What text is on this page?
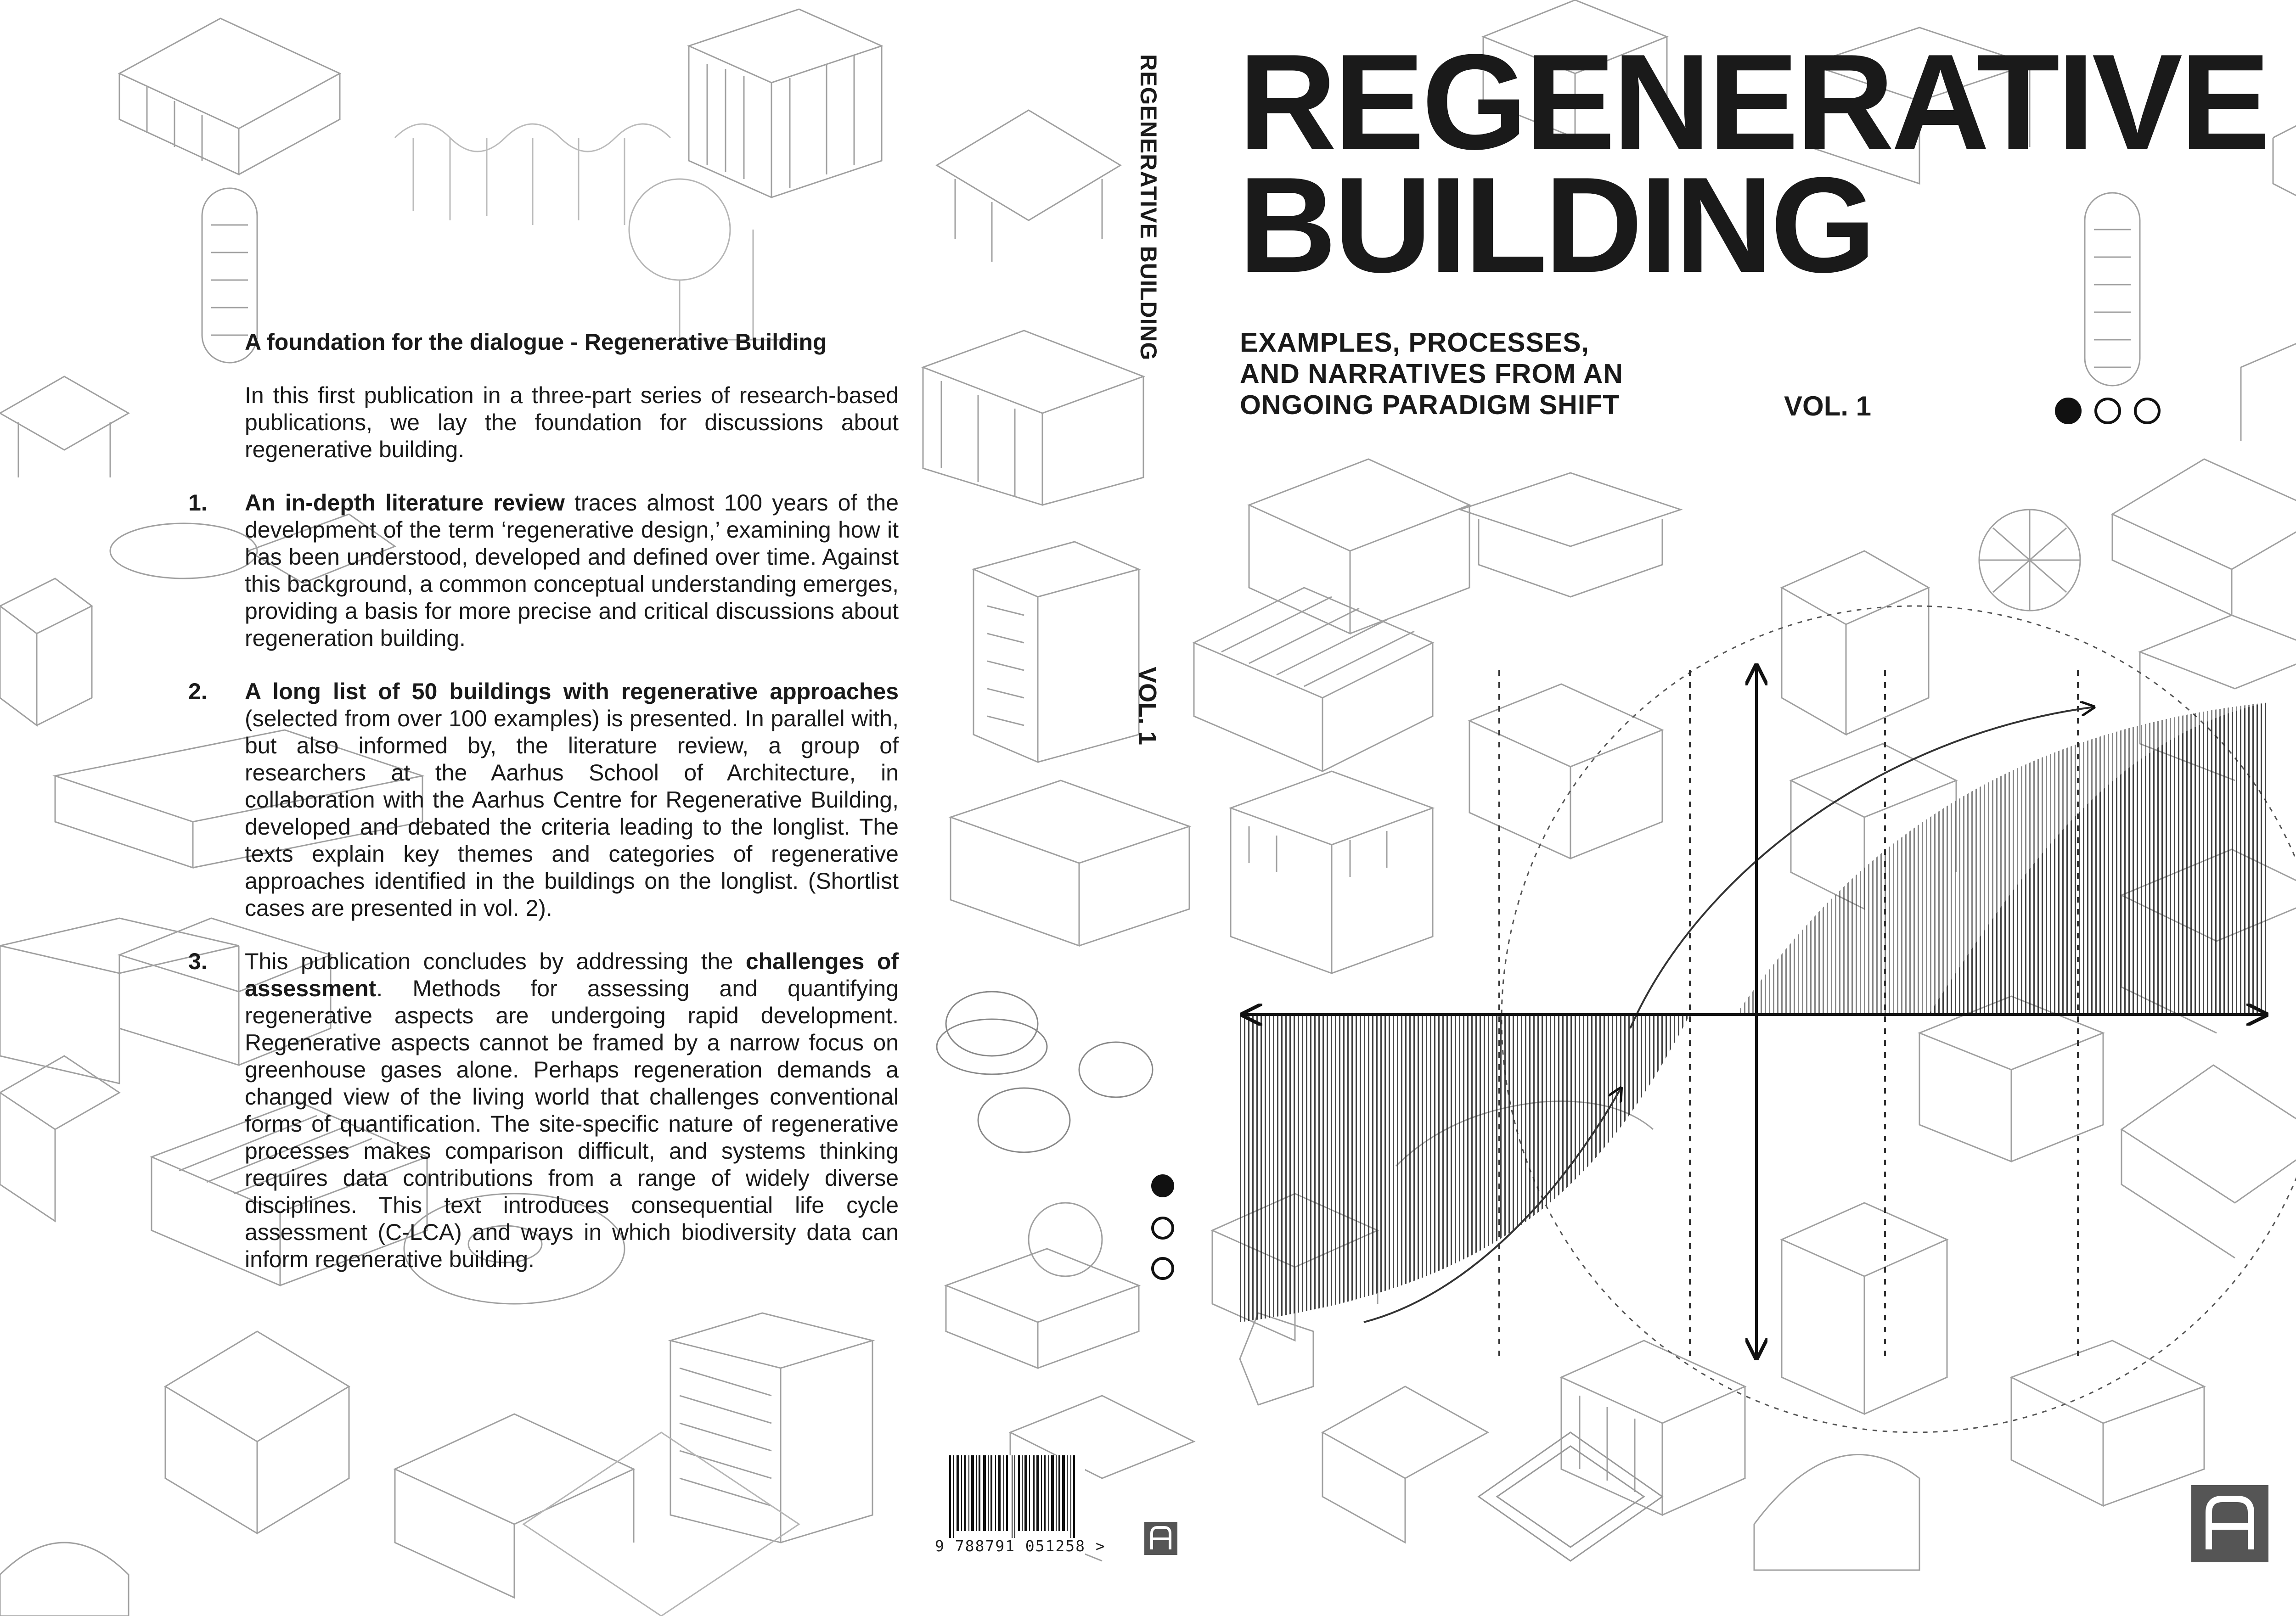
A foundation for the dialogue - Regenerative Building

In this first publication in a three-part series of research-based publications, we lay the foundation for discussions about regenerative building.

1. An in-depth literature review traces almost 100 years of the development of the term ‘regenerative design,’ examining how it has been understood, developed and defined over time. Against this background, a common conceptual understanding emerges, providing a basis for more precise and critical discussions about regeneration building.
2. A long list of 50 buildings with regenerative approaches (selected from over 100 examples) is presented. In parallel with, but also informed by, the literature review, a group of researchers at the Aarhus School of Architecture, in collaboration with the Aarhus Centre for Regenerative Building, developed and debated the criteria leading to the longlist. The texts explain key themes and categories of regenerative approaches identified in the buildings on the longlist. (Shortlist cases are presented in vol. 2).
3. This publication concludes by addressing the challenges of assessment. Methods for assessing and quantifying regenerative aspects are undergoing rapid development. Regenerative aspects cannot be framed by a narrow focus on greenhouse gases alone. Perhaps regeneration demands a changed view of the living world that challenges conventional forms of quantification. The site-specific nature of regenerative processes makes comparison difficult, and systems thinking requires data contributions from a range of widely diverse disciplines. This text introduces consequential life cycle assessment (C-LCA) and ways in which biodiversity data can inform regenerative building.
REGENERATIVE BUILDING
VOL. 1
9 788791 051258 >
REGENERATIVE
BUILDING
EXAMPLES, PROCESSES,
AND NARRATIVES FROM AN
ONGOING PARADIGM SHIFT	VOL. 1
